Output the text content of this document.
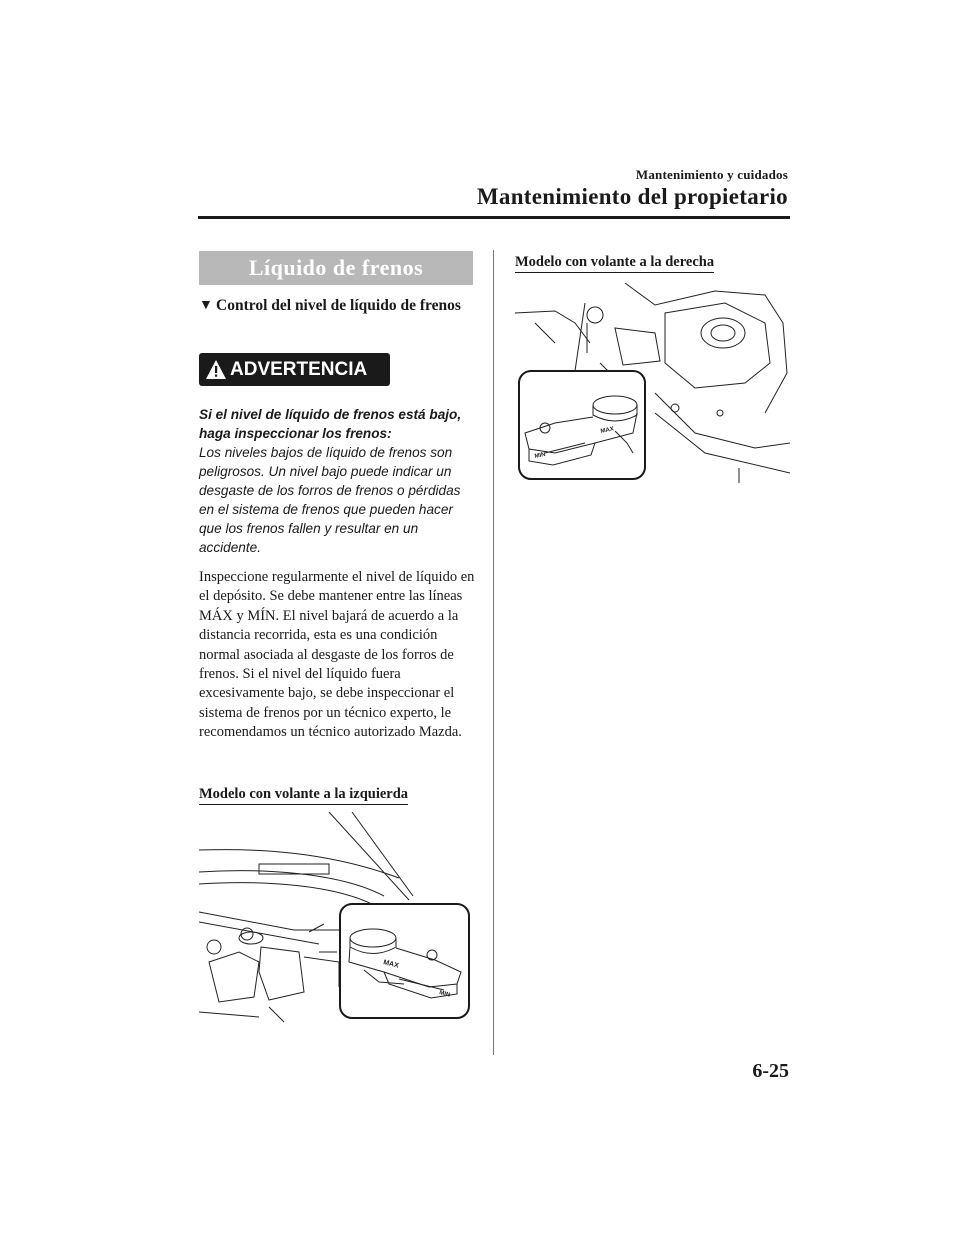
Mantenimiento y cuidados
Mantenimiento del propietario
Líquido de frenos
▼ Control del nivel de líquido de frenos
ADVERTENCIA

Si el nivel de líquido de frenos está bajo, haga inspeccionar los frenos:

Los niveles bajos de líquido de frenos son peligrosos. Un nivel bajo puede indicar un desgaste de los forros de frenos o pérdidas en el sistema de frenos que pueden hacer que los frenos fallen y resultar en un accidente.

Inspeccione regularmente el nivel de líquido en el depósito. Se debe mantener entre las líneas MÁX y MÍN. El nivel bajará de acuerdo a la distancia recorrida, esta es una condición normal asociada al desgaste de los forros de frenos. Si el nivel del líquido fuera excesivamente bajo, se debe inspeccionar el sistema de frenos por un técnico experto, le recomendamos un técnico autorizado Mazda.

Modelo con volante a la izquierda
MAX
MIN
Modelo con volante a la derecha
MAX
MIN
6-25
